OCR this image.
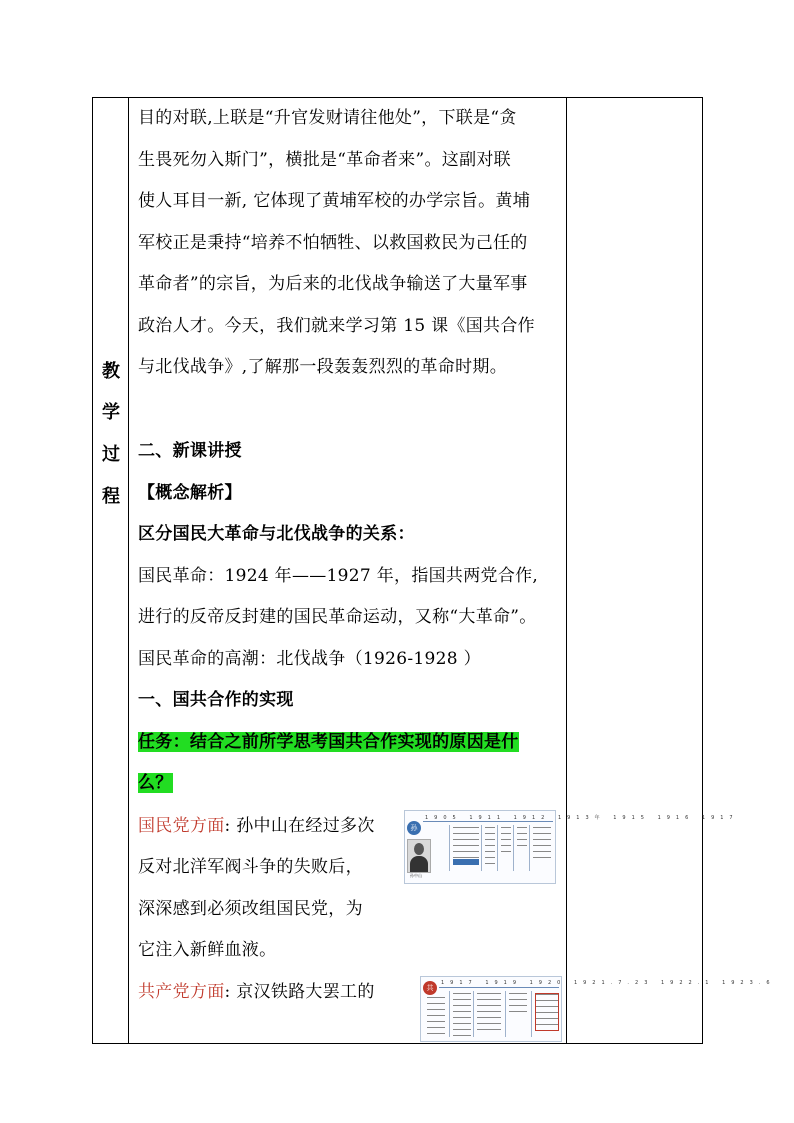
教
学
过
程
目的对联,上联是“升官发财请往他处”，下联是“贪
生畏死勿入斯门”，横批是“革命者来”。这副对联
使人耳目一新, 它体现了黄埔军校的办学宗旨。黄埔
军校正是秉持“培养不怕牺牲、以救国救民为己任的
革命者”的宗旨，为后来的北伐战争输送了大量军事
政治人才。今天，我们就来学习第 15 课《国共合作
与北伐战争》,了解那一段轰轰烈烈的革命时期。
二、新课讲授
【概念解析】
区分国民大革命与北伐战争的关系：
国民革命：1924 年——1927 年，指国共两党合作,
进行的反帝反封建的国民革命运动，又称“大革命”。
国民革命的高潮：北伐战争（1926-1928 ）
一、国共合作的实现
任务：结合之前所学思考国共合作实现的原因是什
么？
国民党方面: 孙中山在经过多次
反对北洋军阀斗争的失败后，
深深感到必须改组国民党，为
它注入新鲜血液。
共产党方面: 京汉铁路大罢工的
孙
1905 1911 1912 1913年 1915 1916 1917
孙中山
共
1917 1919 1920 1921.7.23 1922.1 1923.6
